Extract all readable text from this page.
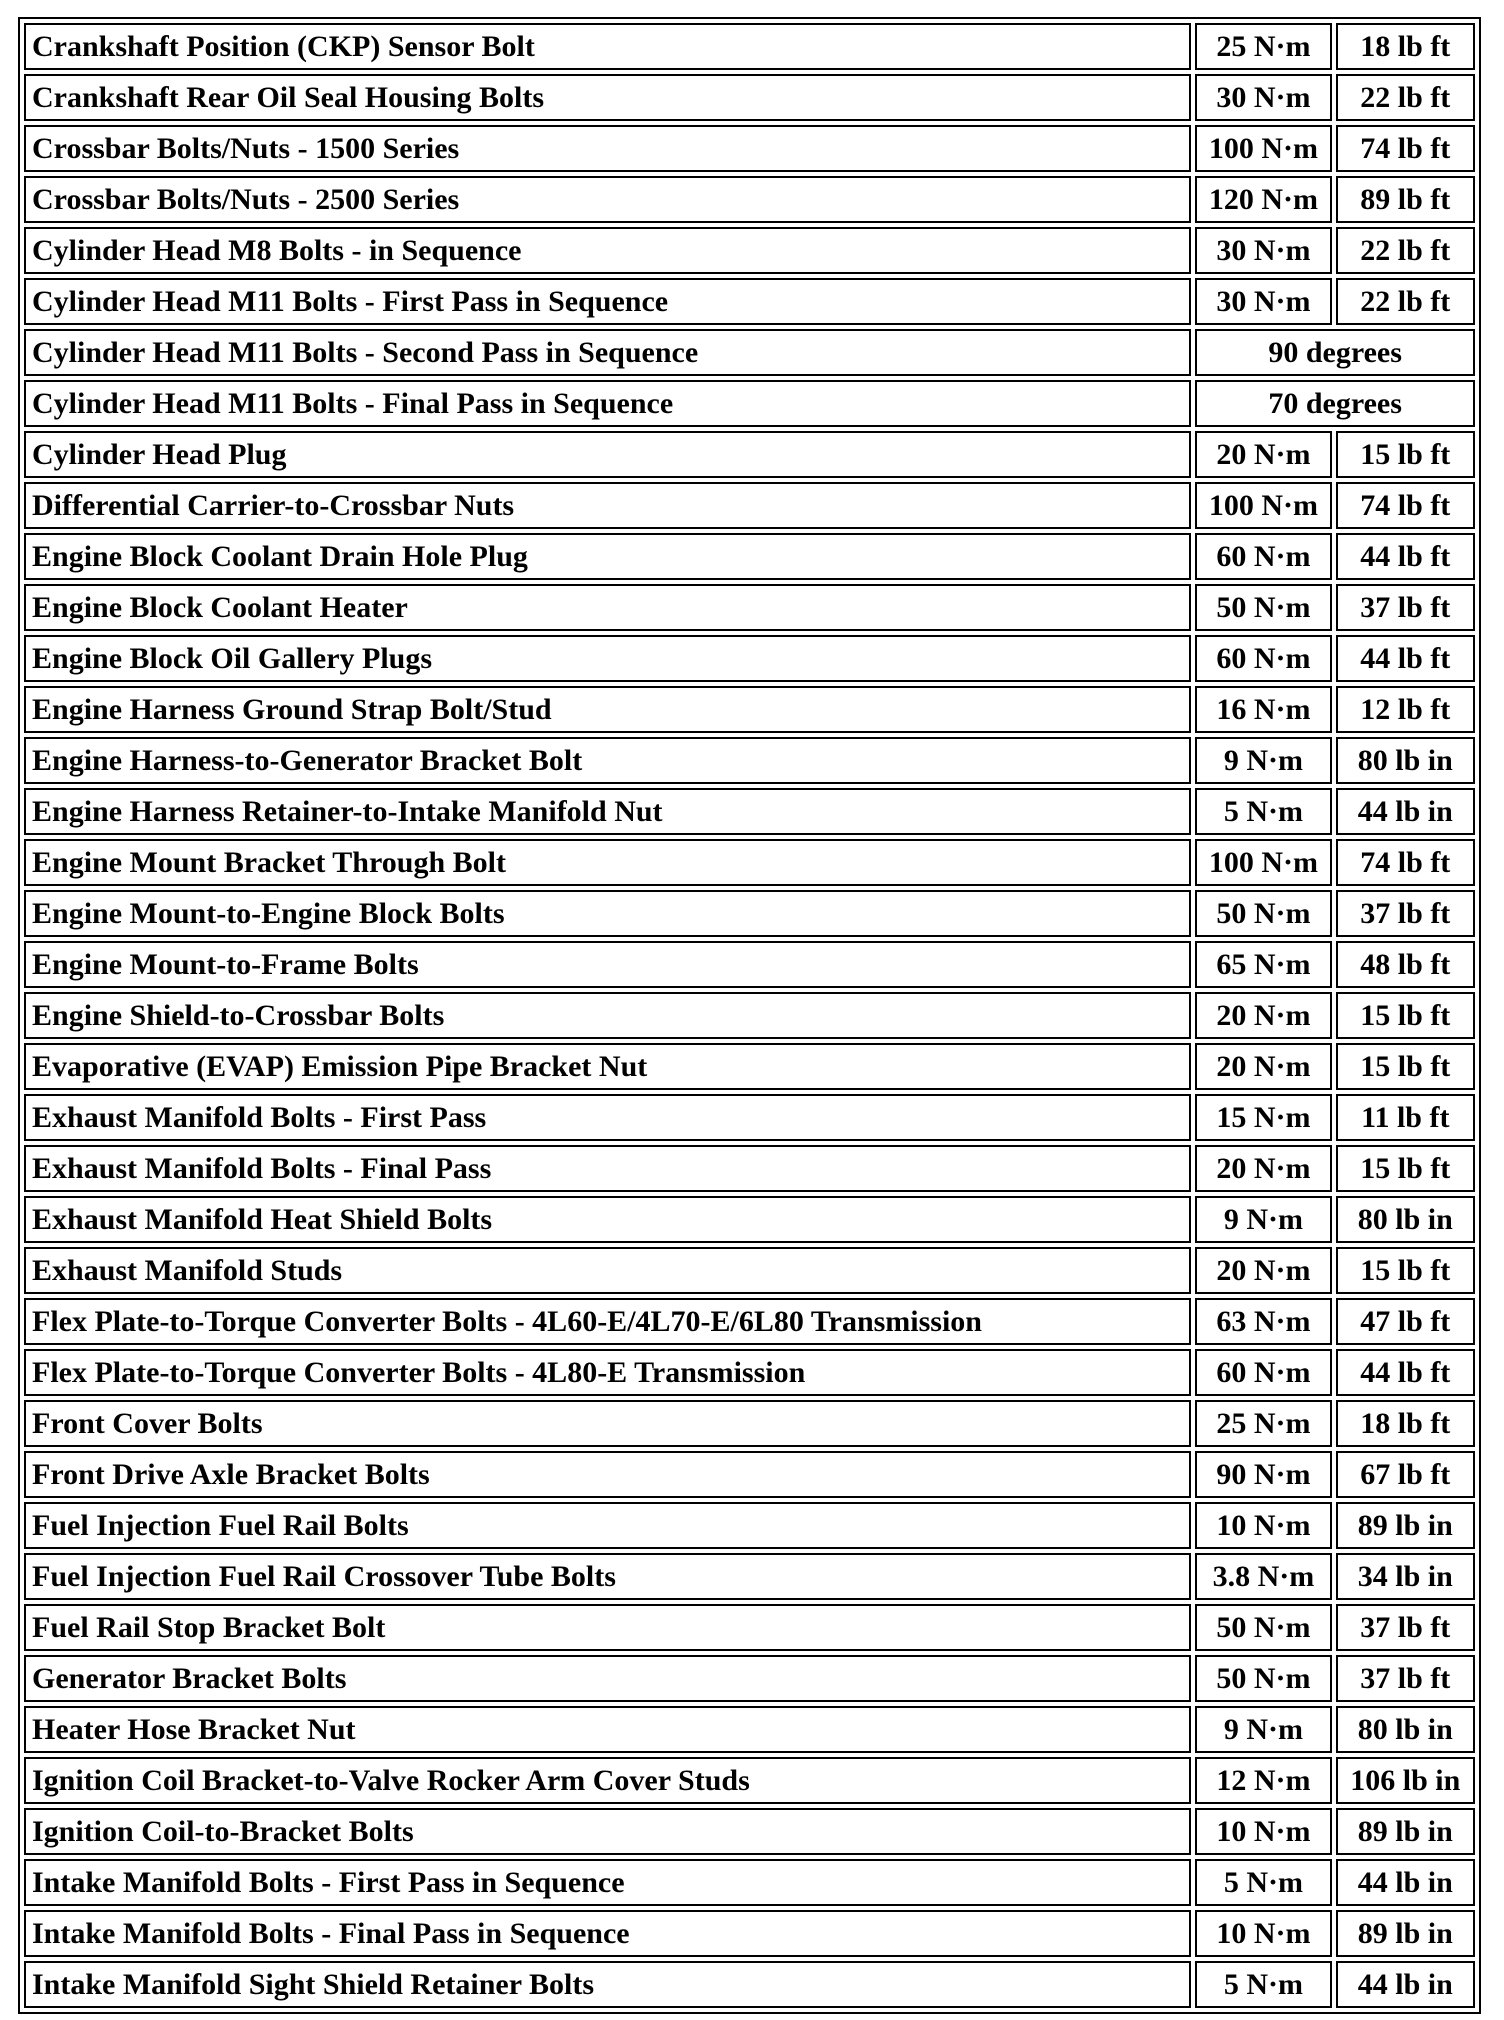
Crankshaft Position (CKP) Sensor Bolt	25 N·m	18 lb ft
Crankshaft Rear Oil Seal Housing Bolts	30 N·m	22 lb ft
Crossbar Bolts/Nuts - 1500 Series	100 N·m	74 lb ft
Crossbar Bolts/Nuts - 2500 Series	120 N·m	89 lb ft
Cylinder Head M8 Bolts - in Sequence	30 N·m	22 lb ft
Cylinder Head M11 Bolts - First Pass in Sequence	30 N·m	22 lb ft
Cylinder Head M11 Bolts - Second Pass in Sequence	90 degrees	
Cylinder Head M11 Bolts - Final Pass in Sequence	70 degrees	
Cylinder Head Plug	20 N·m	15 lb ft
Differential Carrier-to-Crossbar Nuts	100 N·m	74 lb ft
Engine Block Coolant Drain Hole Plug	60 N·m	44 lb ft
Engine Block Coolant Heater	50 N·m	37 lb ft
Engine Block Oil Gallery Plugs	60 N·m	44 lb ft
Engine Harness Ground Strap Bolt/Stud	16 N·m	12 lb ft
Engine Harness-to-Generator Bracket Bolt	9 N·m	80 lb in
Engine Harness Retainer-to-Intake Manifold Nut	5 N·m	44 lb in
Engine Mount Bracket Through Bolt	100 N·m	74 lb ft
Engine Mount-to-Engine Block Bolts	50 N·m	37 lb ft
Engine Mount-to-Frame Bolts	65 N·m	48 lb ft
Engine Shield-to-Crossbar Bolts	20 N·m	15 lb ft
Evaporative (EVAP) Emission Pipe Bracket Nut	20 N·m	15 lb ft
Exhaust Manifold Bolts - First Pass	15 N·m	11 lb ft
Exhaust Manifold Bolts - Final Pass	20 N·m	15 lb ft
Exhaust Manifold Heat Shield Bolts	9 N·m	80 lb in
Exhaust Manifold Studs	20 N·m	15 lb ft
Flex Plate-to-Torque Converter Bolts - 4L60-E/4L70-E/6L80 Transmission	63 N·m	47 lb ft
Flex Plate-to-Torque Converter Bolts - 4L80-E Transmission	60 N·m	44 lb ft
Front Cover Bolts	25 N·m	18 lb ft
Front Drive Axle Bracket Bolts	90 N·m	67 lb ft
Fuel Injection Fuel Rail Bolts	10 N·m	89 lb in
Fuel Injection Fuel Rail Crossover Tube Bolts	3.8 N·m	34 lb in
Fuel Rail Stop Bracket Bolt	50 N·m	37 lb ft
Generator Bracket Bolts	50 N·m	37 lb ft
Heater Hose Bracket Nut	9 N·m	80 lb in
Ignition Coil Bracket-to-Valve Rocker Arm Cover Studs	12 N·m	106 lb in
Ignition Coil-to-Bracket Bolts	10 N·m	89 lb in
Intake Manifold Bolts - First Pass in Sequence	5 N·m	44 lb in
Intake Manifold Bolts - Final Pass in Sequence	10 N·m	89 lb in
Intake Manifold Sight Shield Retainer Bolts	5 N·m	44 lb in
